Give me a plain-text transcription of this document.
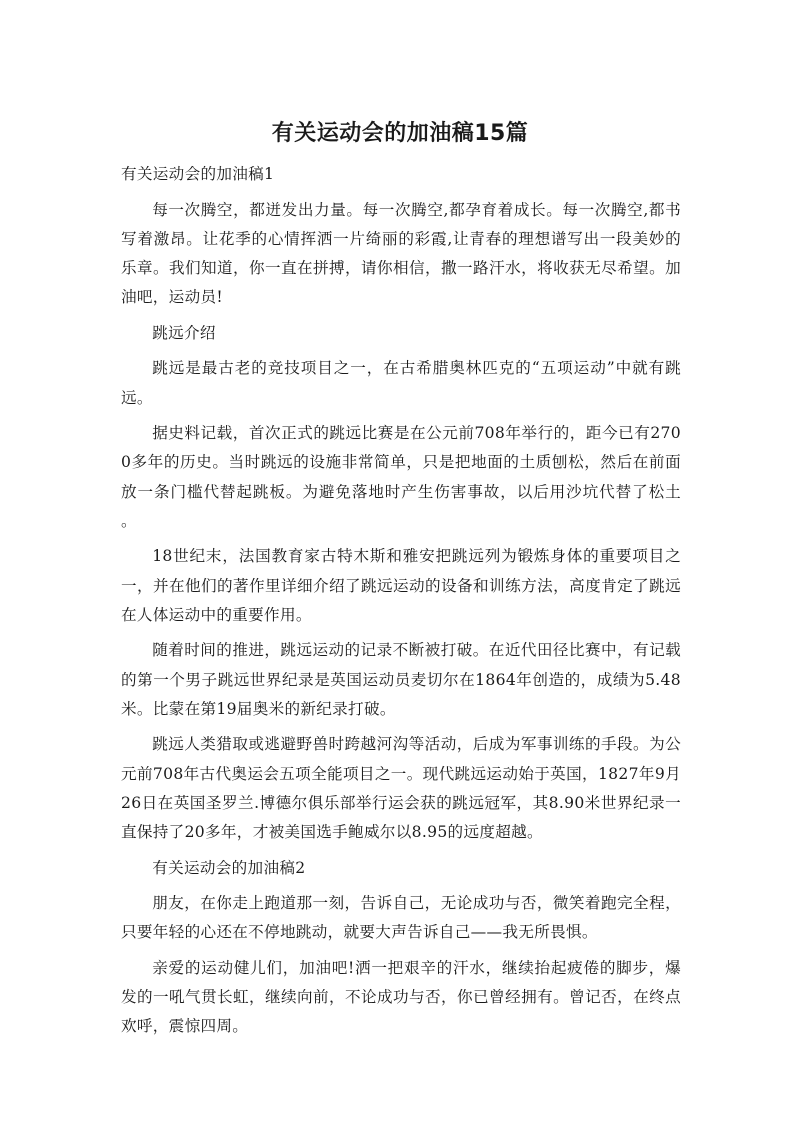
有关运动会的加油稿15篇

有关运动会的加油稿1

每一次腾空，都迸发出力量。每一次腾空,都孕育着成长。每一次腾空,都书写着激昂。让花季的心情挥洒一片绮丽的彩霞,让青春的理想谱写出一段美妙的乐章。我们知道，你一直在拼搏，请你相信，撒一路汗水，将收获无尽希望。加油吧，运动员!

跳远介绍

跳远是最古老的竞技项目之一，在古希腊奥林匹克的“五项运动”中就有跳远。

据史料记载，首次正式的跳远比赛是在公元前708年举行的，距今已有2700多年的历史。当时跳远的设施非常简单，只是把地面的土质刨松，然后在前面放一条门槛代替起跳板。为避免落地时产生伤害事故，以后用沙坑代替了松土 。

18世纪末，法国教育家古特木斯和雅安把跳远列为锻炼身体的重要项目之一，并在他们的著作里详细介绍了跳远运动的设备和训练方法，高度肯定了跳远在人体运动中的重要作用。

随着时间的推进，跳远运动的记录不断被打破。在近代田径比赛中，有记载的第一个男子跳远世界纪录是英国运动员麦切尔在1864年创造的，成绩为5.48米。比蒙在第19届奥米的新纪录打破。

跳远人类猎取或逃避野兽时跨越河沟等活动，后成为军事训练的手段。为公元前708年古代奥运会五项全能项目之一。现代跳远运动始于英国，1827年9月26日在英国圣罗兰.博德尔俱乐部举行运会获的跳远冠军，其8.90米世界纪录一直保持了20多年，才被美国选手鲍威尔以8.95的远度超越。

有关运动会的加油稿2

朋友，在你走上跑道那一刻，告诉自己，无论成功与否，微笑着跑完全程，只要年轻的心还在不停地跳动，就要大声告诉自己——我无所畏惧。

亲爱的运动健儿们，加油吧!洒一把艰辛的汗水，继续抬起疲倦的脚步，爆发的一吼气贯长虹，继续向前，不论成功与否，你已曾经拥有。曾记否，在终点欢呼，震惊四周。
